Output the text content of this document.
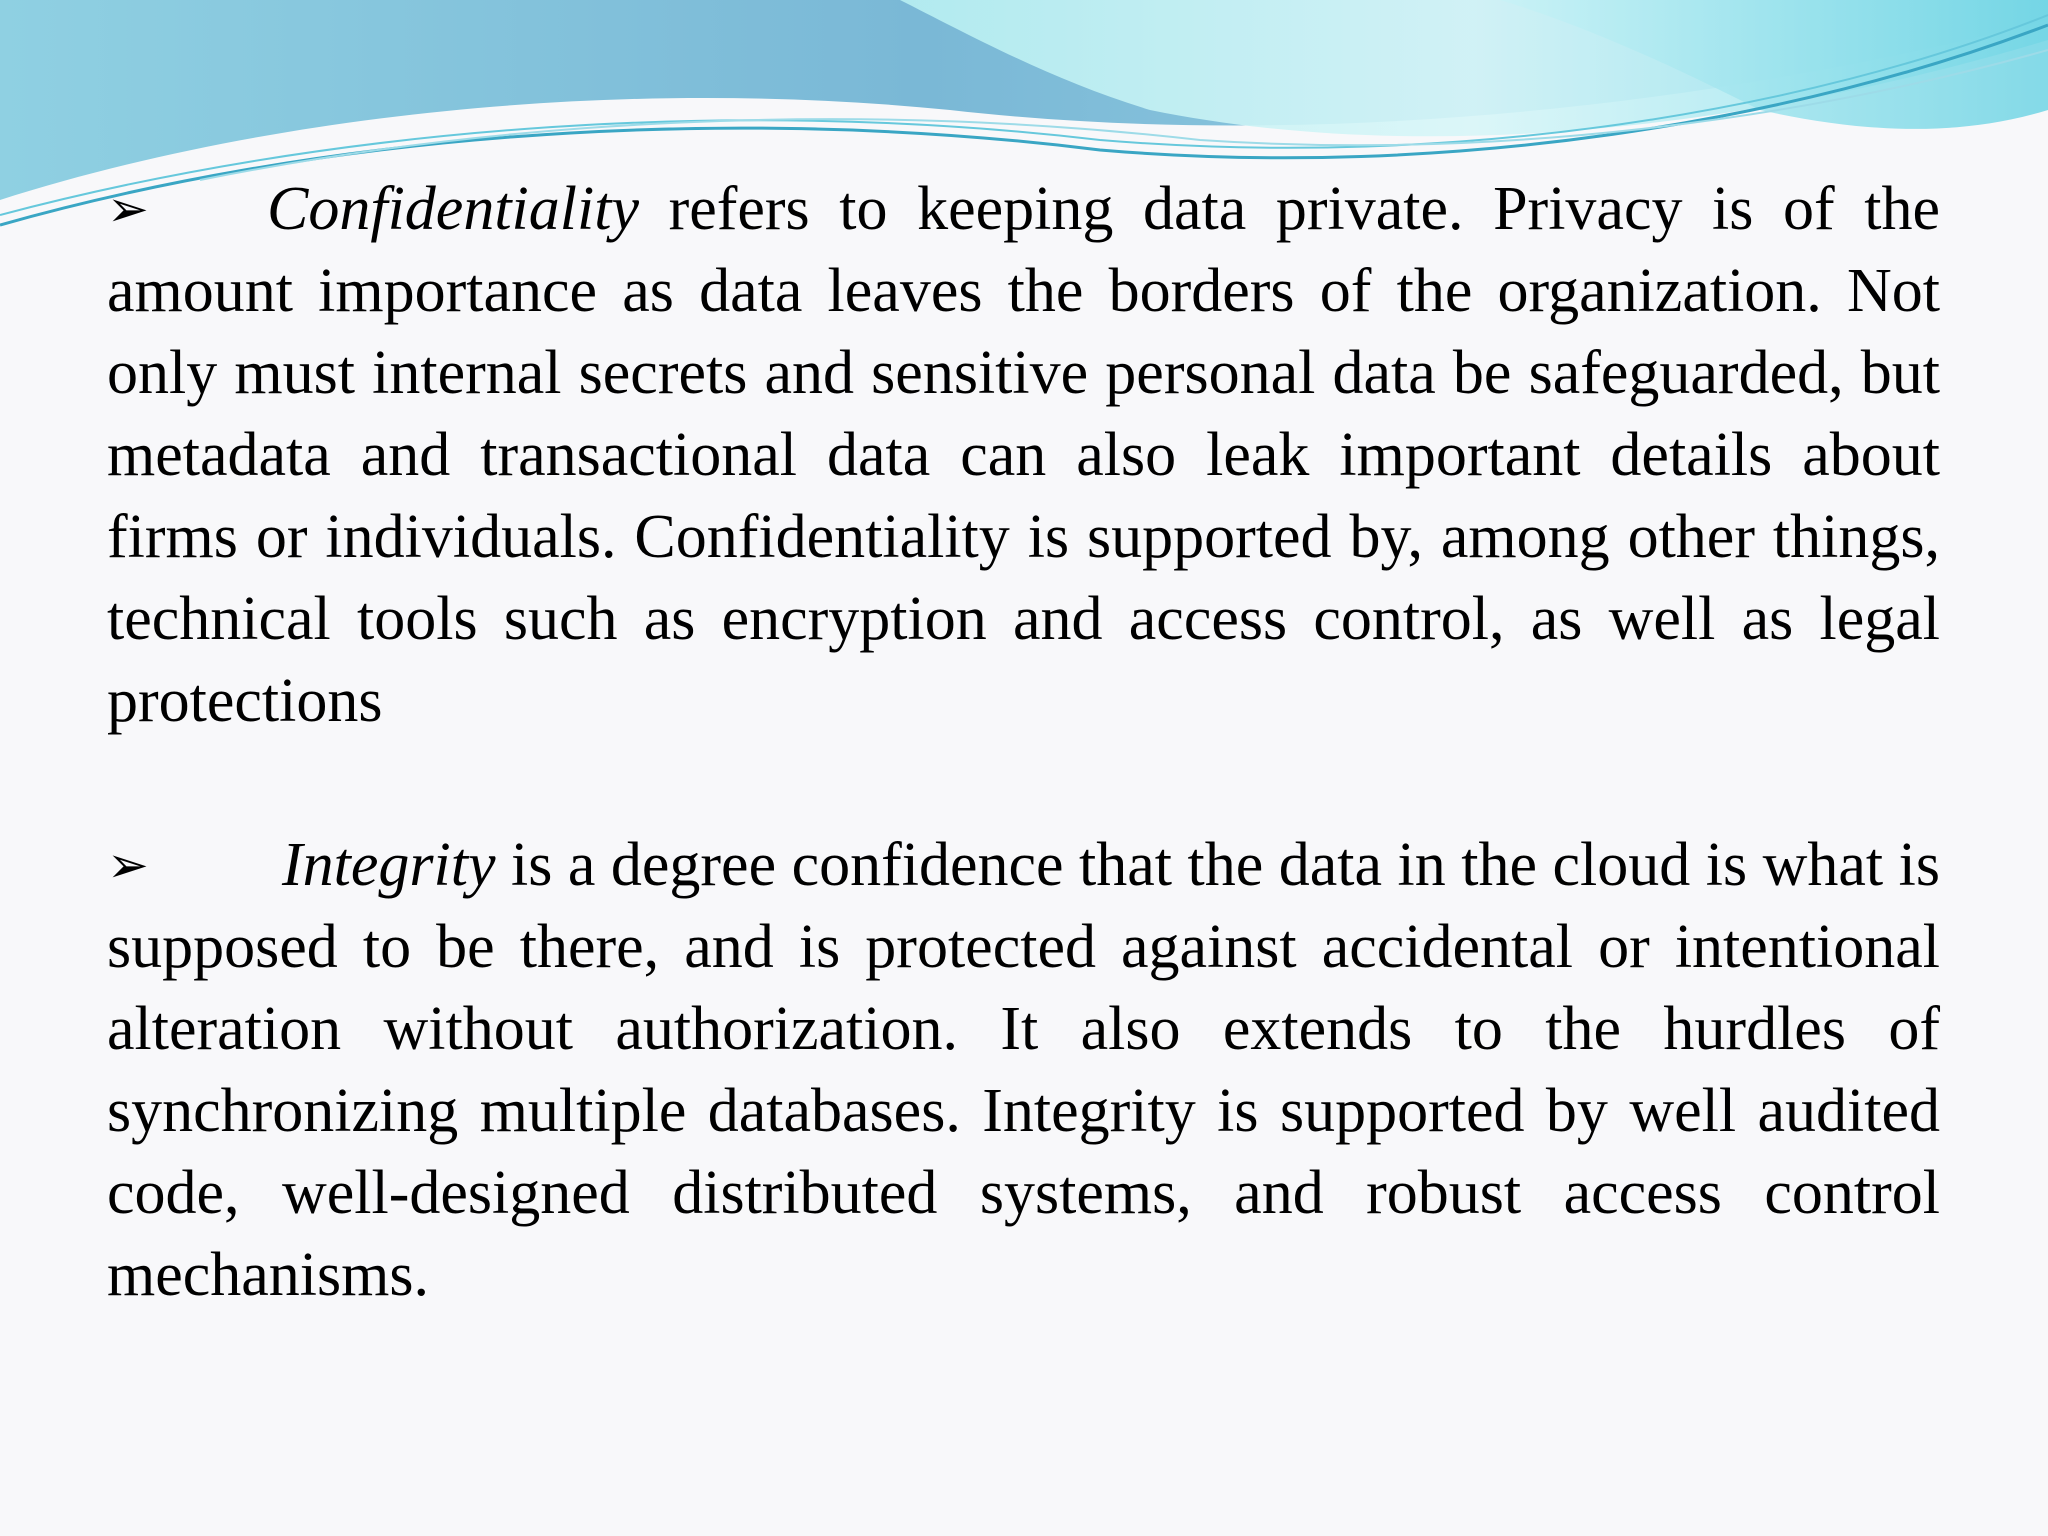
➢ Confidentiality refers to keeping data private. Privacy is of the amount importance as data leaves the borders of the organization. Not only must internal secrets and sensitive personal data be safeguarded, but metadata and transactional data can also leak important details about firms or individuals. Confidentiality is supported by, among other things, technical tools such as encryption and access control, as well as legal protections

➢ Integrity is a degree confidence that the data in the cloud is what is supposed to be there, and is protected against accidental or intentional alteration without authorization. It also extends to the hurdles of synchronizing multiple databases. Integrity is supported by well audited code, well-designed distributed systems, and robust access control mechanisms.
